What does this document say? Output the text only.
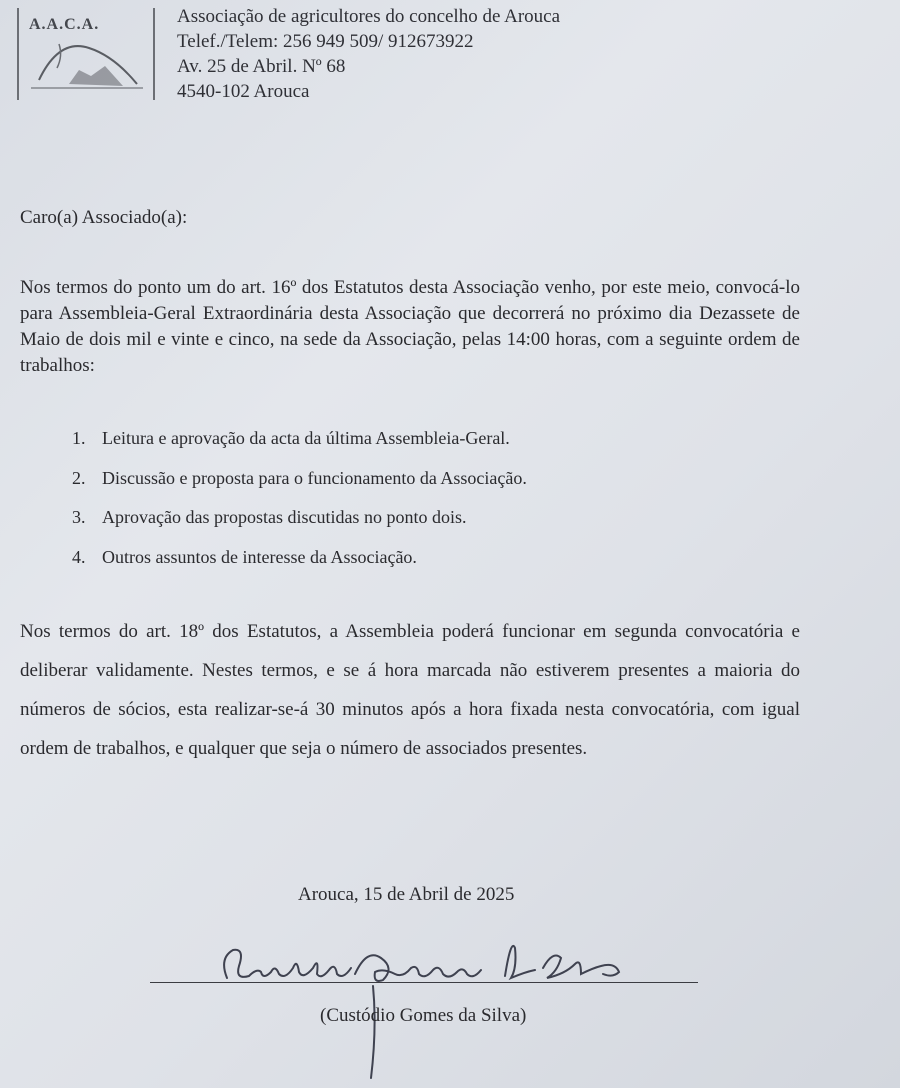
A.A.C.A.	Associação de agricultores do concelho de Arouca
Telef./Telem: 256 949 509/ 912673922
Av. 25 de Abril. Nº 68
4540-102 Arouca
Caro(a) Associado(a):
Nos termos do ponto um do art. 16º dos Estatutos desta Associação venho, por este meio, convocá-lo para Assembleia-Geral Extraordinária desta Associação que decorrerá no próximo dia Dezassete de Maio de dois mil e vinte e cinco, na sede da Associação, pelas 14:00 horas, com a seguinte ordem de trabalhos:
1. Leitura e aprovação da acta da última Assembleia-Geral.
2. Discussão e proposta para o funcionamento da Associação.
3. Aprovação das propostas discutidas no ponto dois.
4. Outros assuntos de interesse da Associação.
Nos termos do art. 18º dos Estatutos, a Assembleia poderá funcionar em segunda convocatória e deliberar validamente. Nestes termos, e se á hora marcada não estiverem presentes a maioria do números de sócios, esta realizar-se-á 30 minutos após a hora fixada nesta convocatória, com igual ordem de trabalhos, e qualquer que seja o número de associados presentes.
Arouca, 15 de Abril de 2025
(Custódio Gomes da Silva)
